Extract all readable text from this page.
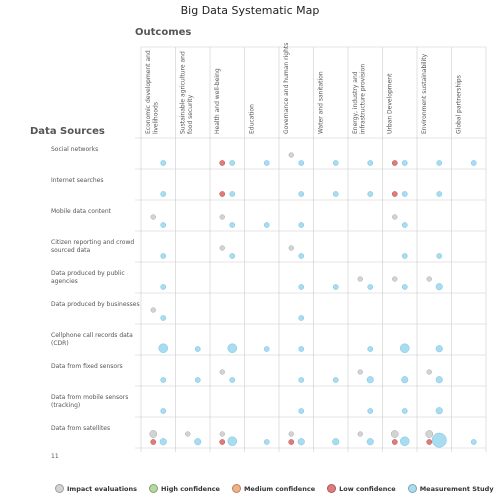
Big Data Systematic Map
Outcomes
Data Sources	Economic development andlivelihoods	Sustainable agriculture andfood security	Health and well-being	Education	Governance and human rights	Water and sanitation	Energy, industry andinfrastructure provision	Urban Development	Environment sustainability	Global partnerships
Social networks
Internet searches
Mobile data content
Citizen reporting and crowd sourced data
Data produced by public agencies
Data produced by businesses
Cellphone call records data (CDR)
Data from fixed sensors
Data from mobile sensors (tracking)
Data from satellites
11
Impact evaluations	High confidence	Medium confidence	Low confidence	Measurement Study
